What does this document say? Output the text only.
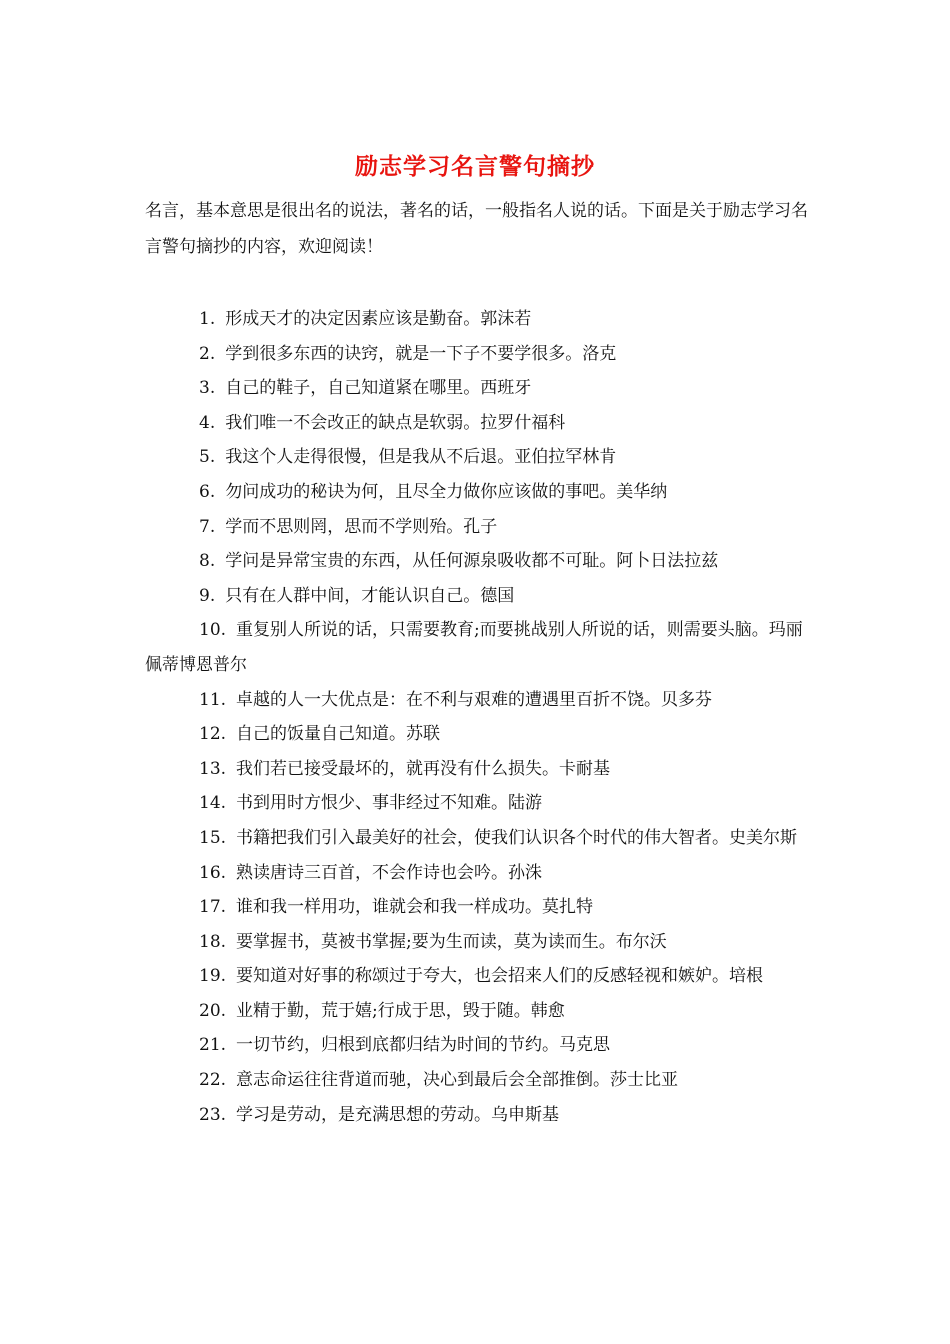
励志学习名言警句摘抄

名言，基本意思是很出名的说法，著名的话，一般指名人说的话。下面是关于励志学习名言警句摘抄的内容，欢迎阅读！

1. 形成天才的决定因素应该是勤奋。郭沫若
2. 学到很多东西的诀窍，就是一下子不要学很多。洛克
3. 自己的鞋子，自己知道紧在哪里。西班牙
4. 我们唯一不会改正的缺点是软弱。拉罗什福科
5. 我这个人走得很慢，但是我从不后退。亚伯拉罕林肯
6. 勿问成功的秘诀为何，且尽全力做你应该做的事吧。美华纳
7. 学而不思则罔，思而不学则殆。孔子
8. 学问是异常宝贵的东西，从任何源泉吸收都不可耻。阿卜日法拉兹
9. 只有在人群中间，才能认识自己。德国
10. 重复别人所说的话，只需要教育;而要挑战别人所说的话，则需要头脑。玛丽佩蒂博恩普尔
11. 卓越的人一大优点是：在不利与艰难的遭遇里百折不饶。贝多芬
12. 自己的饭量自己知道。苏联
13. 我们若已接受最坏的，就再没有什么损失。卡耐基
14. 书到用时方恨少、事非经过不知难。陆游
15. 书籍把我们引入最美好的社会，使我们认识各个时代的伟大智者。史美尔斯
16. 熟读唐诗三百首，不会作诗也会吟。孙洙
17. 谁和我一样用功，谁就会和我一样成功。莫扎特
18. 要掌握书，莫被书掌握;要为生而读，莫为读而生。布尔沃
19. 要知道对好事的称颂过于夸大，也会招来人们的反感轻视和嫉妒。培根
20. 业精于勤，荒于嬉;行成于思，毁于随。韩愈
21. 一切节约，归根到底都归结为时间的节约。马克思
22. 意志命运往往背道而驰，决心到最后会全部推倒。莎士比亚
23. 学习是劳动，是充满思想的劳动。乌申斯基
